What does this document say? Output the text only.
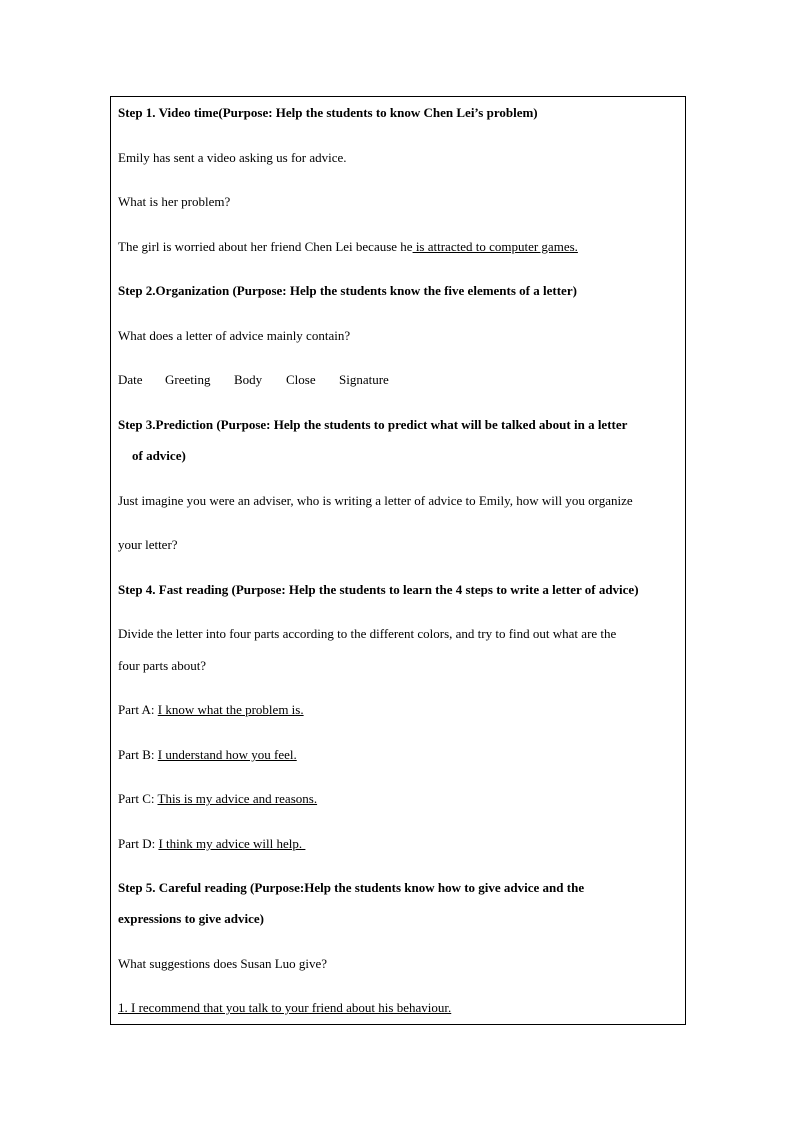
Step 1. Video time(Purpose: Help the students to know Chen Lei’s problem)
Emily has sent a video asking us for advice.
What is her problem?
The girl is worried about her friend Chen Lei because he is attracted to computer games.
Step 2.Organization (Purpose: Help the students know the five elements of a letter)
What does a letter of advice mainly contain?
Date Greeting Body Close Signature
Step 3.Prediction (Purpose: Help the students to predict what will be talked about in a letter
of advice)
Just imagine you were an adviser, who is writing a letter of advice to Emily, how will you organize
your letter?
Step 4. Fast reading (Purpose: Help the students to learn the 4 steps to write a letter of advice)
Divide the letter into four parts according to the different colors, and try to find out what are the
four parts about?
Part A: I know what the problem is.
Part B: I understand how you feel.
Part C: This is my advice and reasons.
Part D: I think my advice will help.
Step 5. Careful reading (Purpose:Help the students know how to give advice and the
expressions to give advice)
What suggestions does Susan Luo give?
1. I recommend that you talk to your friend about his behaviour.
